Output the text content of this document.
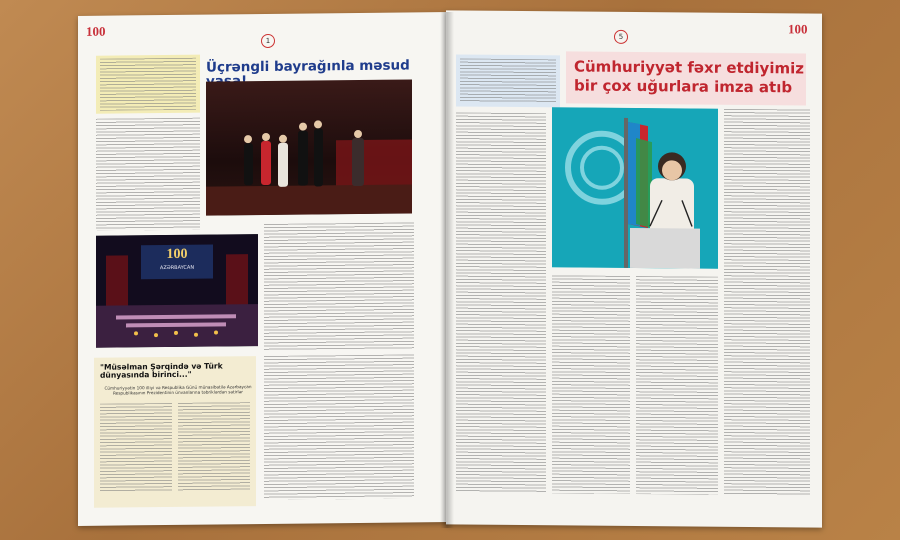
100
1
Üçrəngli bayrağınla məsud
100
AZƏRBAYCAN
"Müsəlman Şərqində və Türk dünyasında birinci..."
Cümhuriyyətin 100 illiyi və Respublika Günü münasibətilə Azərbaycan Respublikasının Prezidentinin ünvanlarına təbriklərdən sətirlər
5
100
Cümhuriyyət fəxr etdiyimiz
bir çox uğurlara imza atıb
